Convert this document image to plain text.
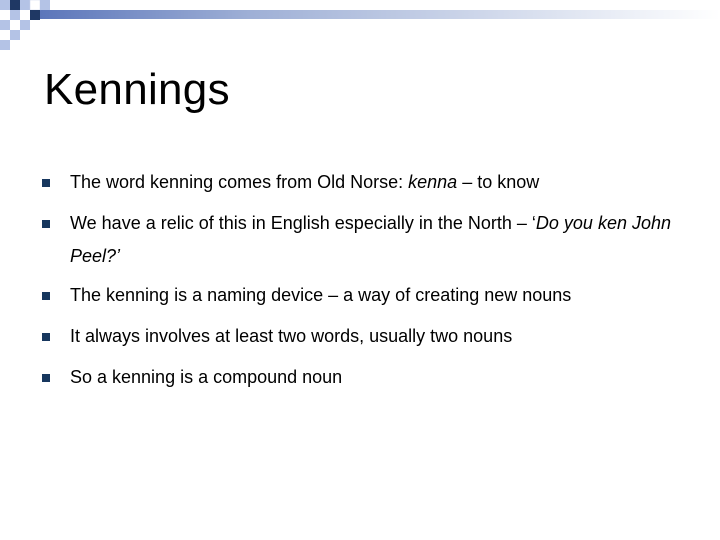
Kennings
The word kenning comes from Old Norse: kenna – to know
We have a relic of this in English especially in the North – ‘Do you ken John Peel?’
The kenning is a naming device – a way of creating new nouns
It always involves at least two words, usually two nouns
So a kenning is a compound noun
